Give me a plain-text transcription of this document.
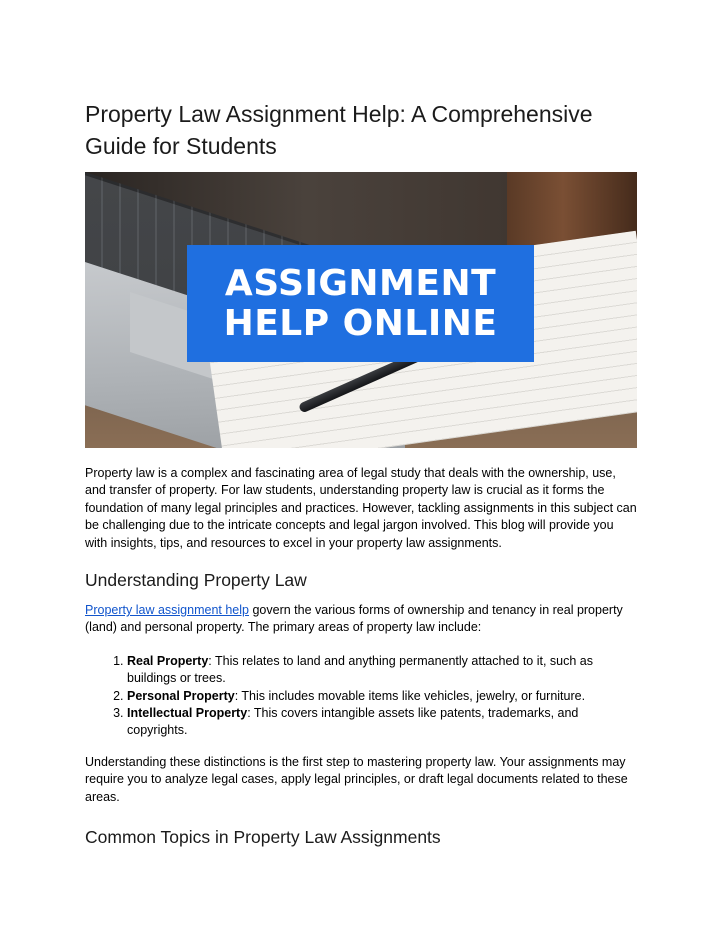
Property Law Assignment Help: A Comprehensive Guide for Students
ASSIGNMENT
HELP ONLINE

Property law is a complex and fascinating area of legal study that deals with the ownership, use, and transfer of property. For law students, understanding property law is crucial as it forms the foundation of many legal principles and practices. However, tackling assignments in this subject can be challenging due to the intricate concepts and legal jargon involved. This blog will provide you with insights, tips, and resources to excel in your property law assignments.

Understanding Property Law

Property law assignment help govern the various forms of ownership and tenancy in real property (land) and personal property. The primary areas of property law include:

1. Real Property: This relates to land and anything permanently attached to it, such as buildings or trees.
2. Personal Property: This includes movable items like vehicles, jewelry, or furniture.
3. Intellectual Property: This covers intangible assets like patents, trademarks, and copyrights.

Understanding these distinctions is the first step to mastering property law. Your assignments may require you to analyze legal cases, apply legal principles, or draft legal documents related to these areas.

Common Topics in Property Law Assignments
